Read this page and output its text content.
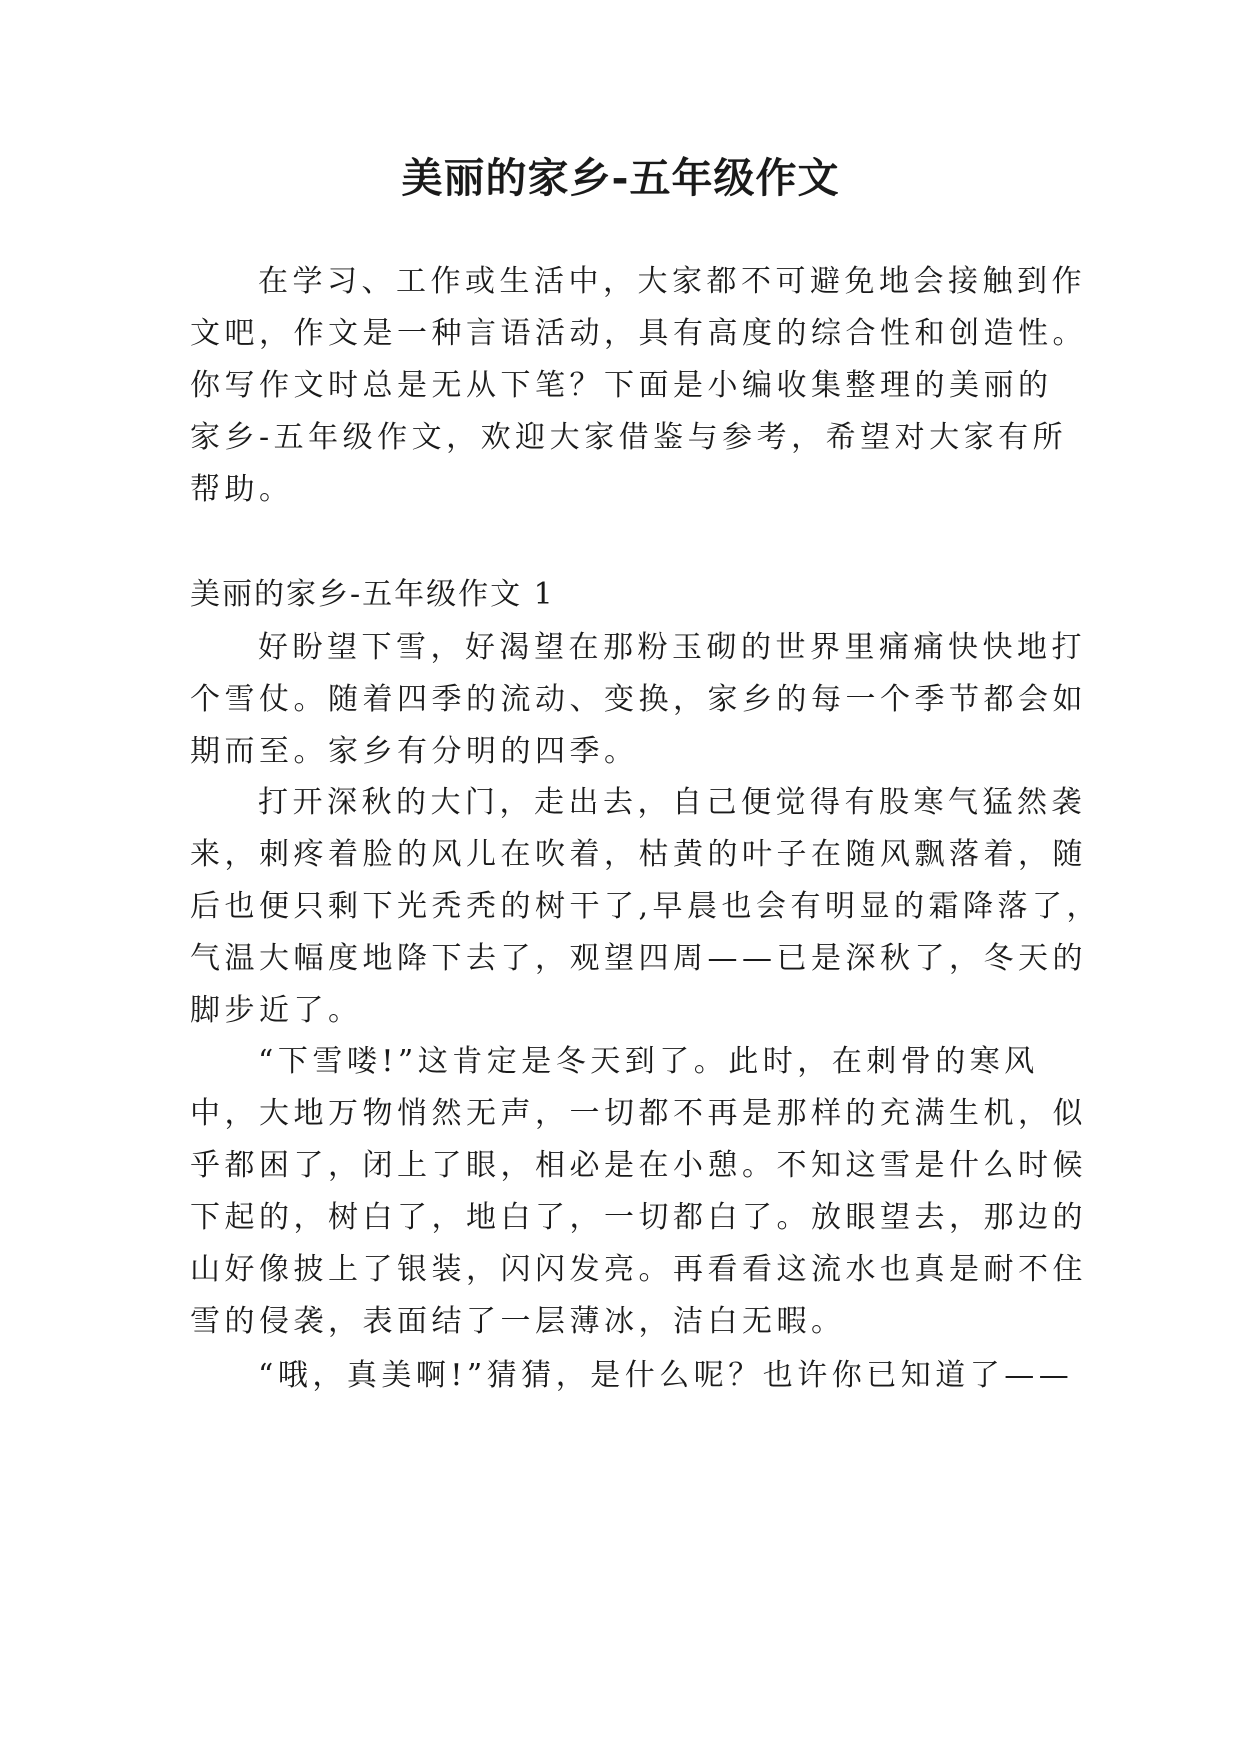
美丽的家乡-五年级作文
在学习、工作或生活中，大家都不可避免地会接触到作
文吧，作文是一种言语活动，具有高度的综合性和创造性。
你写作文时总是无从下笔？下面是小编收集整理的美丽的
家乡-五年级作文，欢迎大家借鉴与参考，希望对大家有所
帮助。
美丽的家乡-五年级作文 1
好盼望下雪，好渴望在那粉玉砌的世界里痛痛快快地打
个雪仗。随着四季的流动、变换，家乡的每一个季节都会如
期而至。家乡有分明的四季。
打开深秋的大门，走出去，自己便觉得有股寒气猛然袭
来，刺疼着脸的风儿在吹着，枯黄的叶子在随风飘落着，随
后也便只剩下光秃秃的树干了,早晨也会有明显的霜降落了，
气温大幅度地降下去了，观望四周——已是深秋了，冬天的
脚步近了。
“下雪喽!”这肯定是冬天到了。此时，在刺骨的寒风
中，大地万物悄然无声，一切都不再是那样的充满生机，似
乎都困了，闭上了眼，相必是在小憩。不知这雪是什么时候
下起的，树白了，地白了，一切都白了。放眼望去，那边的
山好像披上了银装，闪闪发亮。再看看这流水也真是耐不住
雪的侵袭，表面结了一层薄冰，洁白无暇。
“哦，真美啊!”猜猜，是什么呢？也许你已知道了——
